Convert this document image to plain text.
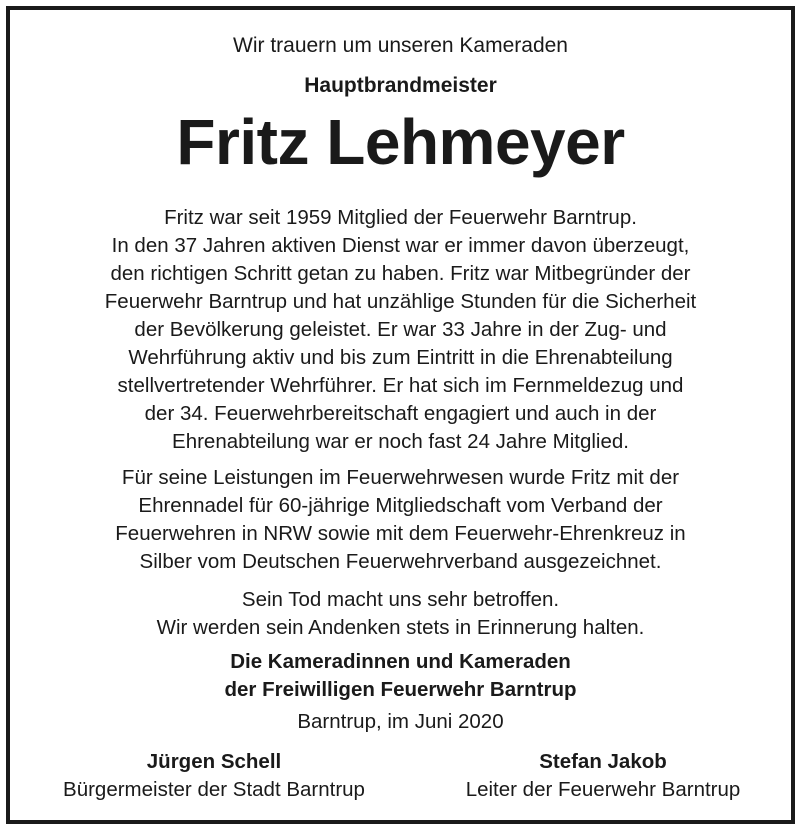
Wir trauern um unseren Kameraden
Hauptbrandmeister
Fritz Lehmeyer
Fritz war seit 1959 Mitglied der Feuerwehr Barntrup.
In den 37 Jahren aktiven Dienst war er immer davon überzeugt,
den richtigen Schritt getan zu haben. Fritz war Mitbegründer der
Feuerwehr Barntrup und hat unzählige Stunden für die Sicherheit
der Bevölkerung geleistet. Er war 33 Jahre in der Zug- und
Wehrführung aktiv und bis zum Eintritt in die Ehrenabteilung
stellvertretender Wehrführer. Er hat sich im Fernmeldezug und
der 34. Feuerwehrbereitschaft engagiert und auch in der
Ehrenabteilung war er noch fast 24 Jahre Mitglied.
Für seine Leistungen im Feuerwehrwesen wurde Fritz mit der
Ehrennadel für 60-jährige Mitgliedschaft vom Verband der
Feuerwehren in NRW sowie mit dem Feuerwehr-Ehrenkreuz in
Silber vom Deutschen Feuerwehrverband ausgezeichnet.
Sein Tod macht uns sehr betroffen.
Wir werden sein Andenken stets in Erinnerung halten.
Die Kameradinnen und Kameraden
der Freiwilligen Feuerwehr Barntrup
Barntrup, im Juni 2020
Jürgen Schell
Bürgermeister der Stadt Barntrup
Stefan Jakob
Leiter der Feuerwehr Barntrup
